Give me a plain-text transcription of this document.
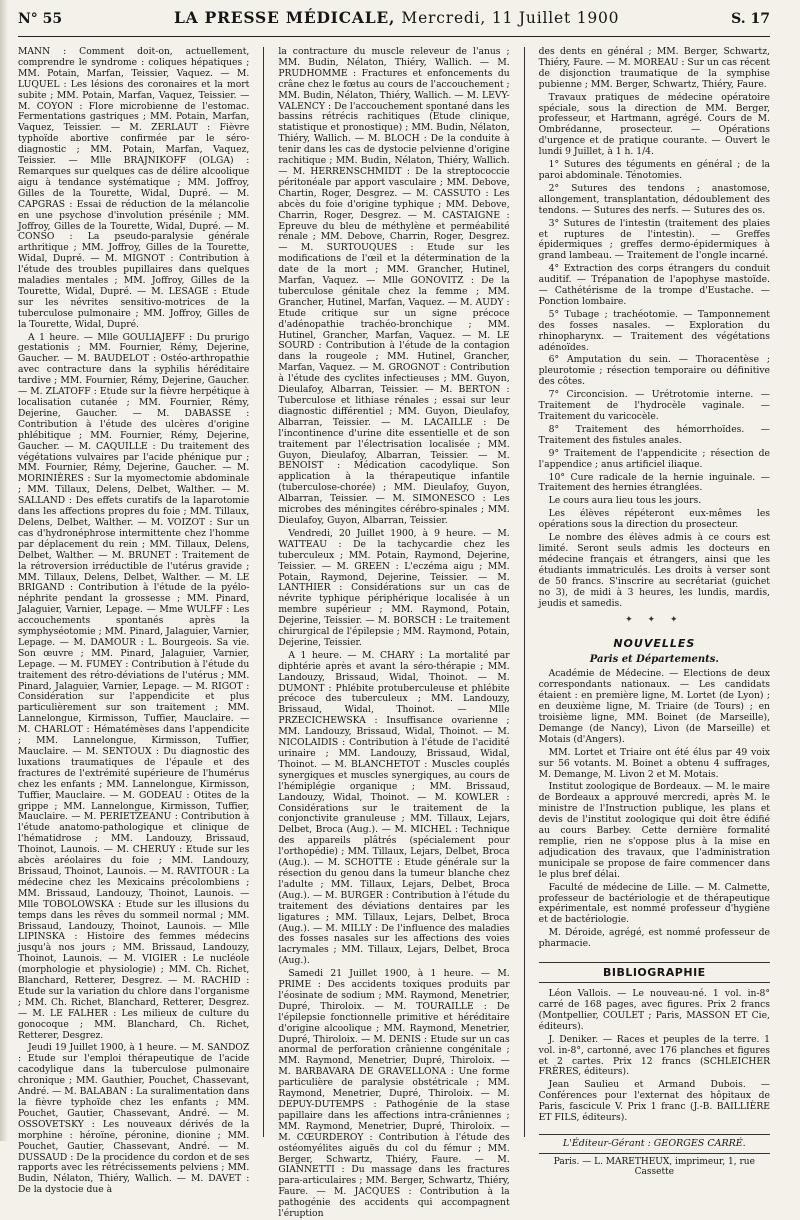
N° 55	LA PRESSE MÉDICALE, Mercredi, 11 Juillet 1900	S. 17

MANN : Comment doit-on, actuellement, comprendre le syndrome : coliques hépatiques ; MM. Potain, Marfan, Teissier, Vaquez. — M. LUQUEL : Les lésions des coronaires et la mort subite ; MM. Potain, Marfan, Vaquez, Teissier. — M. COYON : Flore microbienne de l'estomac. Fermentations gastriques ; MM. Potain, Marfan, Vaquez, Teissier. — M. ZERLAUT : Fièvre typhoïde abortive confirmée par le séro-diagnostic ; MM. Potain, Marfan, Vaquez, Teissier. — Mlle BRAJNIKOFF (OLGA) : Remarques sur quelques cas de délire alcoolique aigu à tendance systématique ; MM. Joffroy, Gilles de la Tourette, Widal, Dupré. — M. CAPGRAS : Essai de réduction de la mélancolie en une psychose d'involution présénile ; MM. Joffroy, Gilles de la Tourette, Widal, Dupré. — M. CONSO : La pseudo-paralysie générale arthritique ; MM. Joffroy, Gilles de la Tourette, Widal, Dupré. — M. MIGNOT : Contribution à l'étude des troubles pupillaires dans quelques maladies mentales ; MM. Joffroy, Gilles de la Tourette, Widal, Dupré. — M. LESAGE : Etude sur les névrites sensitivo-motrices de la tuberculose pulmonaire ; MM. Joffroy, Gilles de la Tourette, Widal, Dupré.

A 1 heure. — Mlle GOULIAJEFF : Du prurigo gestationis ; MM. Fournier, Rémy, Dejerine, Gaucher. — M. BAUDELOT : Ostéo-arthropathie avec contracture dans la syphilis héréditaire tardive ; MM. Fournier, Rémy, Dejerine, Gaucher. — M. ZLATOFF : Etude sur la fièvre herpétique à localisation cutanée ; MM. Fournier, Rémy, Dejerine, Gaucher. — M. DABASSE : Contribution à l'étude des ulcères d'origine phlébitique ; MM. Fournier, Rémy, Dejerine, Gaucher. — M. CAQUILLE : Du traitement des végétations vulvaires par l'acide phénique pur ; MM. Fournier, Rémy, Dejerine, Gaucher. — M. MORINIÈRES : Sur la myomectomie abdominale ; MM. Tillaux, Delens, Delbet, Walther. — M. SALLAND : Des effets curatifs de la laparotomie dans les affections propres du foie ; MM. Tillaux, Delens, Delbet, Walther. — M. VOIZOT : Sur un cas d'hydronéphrose intermittente chez l'homme par déplacement du rein ; MM. Tillaux, Delens, Delbet, Walther. — M. BRUNET : Traitement de la rétroversion irréductible de l'utérus gravide ; MM. Tillaux, Delens, Delbet, Walther. — M. LE BRIGAND : Contribution à l'étude de la pyélo-néphrite pendant la grossesse ; MM. Pinard, Jalaguier, Varnier, Lepage. — Mme WULFF : Les accouchements spontanés après la symphyséotomie ; MM. Pinard, Jalaguier, Varnier, Lepage. — M. DAMOUR : L. Bourgeois. Sa vie. Son œuvre ; MM. Pinard, Jalaguier, Varnier, Lepage. — M. FUMEY : Contribution à l'étude du traitement des rétro-déviations de l'utérus ; MM. Pinard, Jalaguier, Varnier, Lepage. — M. RIGOT : Considération sur l'appendicite et plus particulièrement sur son traitement ; MM. Lannelongue, Kirmisson, Tuffier, Mauclaire. — M. CHARLOT : Hématémèses dans l'appendicite ; MM. Lannelongue, Kirmisson, Tuffier, Mauclaire. — M. SENTOUX : Du diagnostic des luxations traumatiques de l'épaule et des fractures de l'extrémité supérieure de l'humérus chez les enfants ; MM. Lannelongue, Kirmisson, Tuffier, Mauclaire. — M. GODEAU : Otites de la grippe ; MM. Lannelongue, Kirmisson, Tuffier, Mauclaire. — M. PERIETZEANU : Contribution à l'étude anatomo-pathologique et clinique de l'hématidrose ; MM. Landouzy, Brissaud, Thoinot, Launois. — M. CHERUY : Etude sur les abcès aréolaires du foie ; MM. Landouzy, Brissaud, Thoinot, Launois. — M. RAVITOUR : La médecine chez les Mexicains précolombiens ; MM. Brissaud, Landouzy, Thoinot, Launois. — Mlle TOBOLOWSKA : Etude sur les illusions du temps dans les rêves du sommeil normal ; MM. Brissaud, Landouzy, Thoinot, Launois. — Mlle LIPINSKA : Histoire des femmes médecins jusqu'à nos jours ; MM. Brissaud, Landouzy, Thoinot, Launois. — M. VIGIER : Le nucléole (morphologie et physiologie) ; MM. Ch. Richet, Blanchard, Retterer, Desgrez. — M. RACHID : Etude sur la variation du chlore dans l'organisme ; MM. Ch. Richet, Blanchard, Retterer, Desgrez. — M. LE FALHER : Les milieux de culture du gonocoque ; MM. Blanchard, Ch. Richet, Retterer, Desgrez.

Jeudi 19 Juillet 1900, à 1 heure. — M. SANDOZ : Etude sur l'emploi thérapeutique de l'acide cacodylique dans la tuberculose pulmonaire chronique ; MM. Gauthier, Pouchet, Chassevant, André. — M. BALABAN : La suralimentation dans la fièvre typhoïde chez les enfants ; MM. Pouchet, Gautier, Chassevant, André. — M. OSSOVETSKY : Les nouveaux dérivés de la morphine : héroïne, péronine, dionine ; MM. Pouchet, Gautier, Chassevant, André. — M. DUSSAUD : De la procidence du cordon et de ses rapports avec les rétrécissements pelviens ; MM. Budin, Nélaton, Thiéry, Wallich. — M. DAVET : De la dystocie due à

la contracture du muscle releveur de l'anus ; MM. Budin, Nélaton, Thiéry, Wallich. — M. PRUDHOMME : Fractures et enfoncements du crâne chez le fœtus au cours de l'accouchement ; MM. Budin, Nélaton, Thiéry, Wallich. — M. LEVY-VALENCY : De l'accouchement spontané dans les bassins rétrécis rachitiques (Etude clinique, statistique et pronostique) ; MM. Budin, Nélaton, Thiéry, Wallich. — M. BLOCH : De la conduite à tenir dans les cas de dystocie pelvienne d'origine rachitique ; MM. Budin, Nélaton, Thiéry, Wallich. — M. HERRENSCHMIDT : De la streptococcie péritonéale par apport vasculaire ; MM. Debove, Chartin, Roger, Desgrez. — M. CASSUTO : Les abcès du foie d'origine typhique ; MM. Debove, Charrin, Roger, Desgrez. — M. CASTAIGNE : Epreuve du bleu de méthylène et perméabilité rénale ; MM. Debove, Charrin, Roger, Desgrez. — M. SURTOUQUES : Etude sur les modifications de l'œil et la détermination de la date de la mort ; MM. Grancher, Hutinel, Marfan, Vaquez. — Mlle GONOVITZ : De la tuberculose génitale chez la femme ; MM. Grancher, Hutinel, Marfan, Vaquez. — M. AUDY : Etude critique sur un signe précoce d'adénopathie trachéo-bronchique ; MM. Hutinel, Grancher, Marfan, Vaquez. — M. LE SOURD : Contribution à l'étude de la contagion dans la rougeole ; MM. Hutinel, Grancher, Marfan, Vaquez. — M. GROGNOT : Contribution à l'étude des cyclites infectieuses ; MM. Guyon, Dieulafoy, Albarran, Teissier. — M. BERTON : Tuberculose et lithiase rénales ; essai sur leur diagnostic différentiel ; MM. Guyon, Dieulafoy, Albarran, Teissier. — M. LACAILLE : De l'incontinence d'urine dite essentielle et de son traitement par l'électrisation localisée ; MM. Guyon, Dieulafoy, Albarran, Teissier. — M. BENOIST : Médication cacodylique. Son application à la thérapeutique infantile (tuberculose-chorée) ; MM. Dieulafoy, Guyon, Albarran, Teissier. — M. SIMONESCO : Les microbes des méningites cérébro-spinales ; MM. Dieulafoy, Guyon, Albarran, Teissier.

Vendredi, 20 Juillet 1900, à 9 heure. — M. WATTEAU : De la tachycardie chez les tuberculeux ; MM. Potain, Raymond, Dejerine, Teissier. — M. GREEN : L'eczéma aigu ; MM. Potain, Raymond, Dejerine, Teissier. — M. LANTHIER : Considérations sur un cas de névrite typhique périphérique localisée à un membre supérieur ; MM. Raymond, Potain, Dejerine, Teissier. — M. BORSCH : Le traitement chirurgical de l'épilepsie ; MM. Raymond, Potain, Dejerine, Teissier.

A 1 heure. — M. CHARY : La mortalité par diphtérie après et avant la séro-thérapie ; MM. Landouzy, Brissaud, Widal, Thoinot. — M. DUMONT : Phlébite protuberculeuse et phlébite précoce des tuberculeux ; MM. Landouzy, Brissaud, Widal, Thoinot. — Mlle PRZECICHEWSKA : Insuffisance ovarienne ; MM. Landouzy, Brissaud, Widal, Thoinot. — M. NICOLAIDIS : Contribution à l'étude de l'acidité urinaire ; MM. Landouzy, Brissaud, Widal, Thoinot. — M. BLANCHETOT : Muscles couplés synergiques et muscles synergiques, au cours de l'hémiplégie organique ; MM. Brissaud, Landouzy, Widal, Thoinot. — M. KOWLER : Considérations sur le traitement de la conjonctivite granuleuse ; MM. Tillaux, Lejars, Delbet, Broca (Aug.). — M. MICHEL : Technique des appareils plâtrés (spécialement pour l'orthopédie) ; MM. Tillaux, Lejars, Delbet, Broca (Aug.). — M. SCHOTTE : Etude générale sur la résection du genou dans la tumeur blanche chez l'adulte ; MM. Tillaux, Lejars, Delbet, Broca (Aug.). — M. BURGER : Contribution à l'étude du traitement des déviations dentaires par les ligatures ; MM. Tillaux, Lejars, Delbet, Broca (Aug.). — M. MILLY : De l'influence des maladies des fosses nasales sur les affections des voies lacrymales ; MM. Tillaux, Lejars, Delbet, Broca (Aug.).

Samedi 21 Juillet 1900, à 1 heure. — M. PRIME : Des accidents toxiques produits par l'éosinate de sodium ; MM. Raymond, Menetrier, Dupré, Thiroloix. — M. TOURAILLE : De l'épilepsie fonctionnelle primitive et héréditaire d'origine alcoolique ; MM. Raymond, Menetrier, Dupré, Thiroloix. — M. DENIS : Etude sur un cas anormal de perforation crânienne congénitale ; MM. Raymond, Menetrier, Dupré, Thiroloix. — M. BARBAVARA DE GRAVELLONA : Une forme particulière de paralysie obstétricale ; MM. Raymond, Menetrier, Dupré, Thiroloix. — M. DEPUY-DUTEMPS : Pathogénie de la stase papillaire dans les affections intra-crâniennes ; MM. Raymond, Menetrier, Dupré, Thiroloix. — M. CŒURDEROY : Contribution à l'étude des ostéomyélites aiguës du col du fémur ; MM. Berger, Schwartz, Thiéry, Faure. — M. GIANNETTI : Du massage dans les fractures para-articulaires ; MM. Berger, Schwartz, Thiéry, Faure. — M. JACQUES : Contribution à la pathogénie des accidents qui accompagnent l'éruption

des dents en général ; MM. Berger, Schwartz, Thiéry, Faure. — M. MOREAU : Sur un cas récent de disjonction traumatique de la symphise pubienne ; MM. Berger, Schwartz, Thiéry, Faure.

Travaux pratiques de médecine opératoire spéciale, sous la direction de MM. Berger, professeur, et Hartmann, agrégé. Cours de M. Ombrédanne, prosecteur. — Opérations d'urgence et de pratique courante. — Ouvert le lundi 9 Juillet, à 1 h. 1/4.

1° Sutures des téguments en général ; de la paroi abdominale. Ténotomies.

2° Sutures des tendons ; anastomose, allongement, transplantation, dédoublement des tendons. — Sutures des nerfs. — Sutures des os.

3° Sutures de l'intestin (traitement des plaies et ruptures de l'intestin). — Greffes épidermiques ; greffes dermo-épidermiques à grand lambeau. — Traitement de l'ongle incarné.

4° Extraction des corps étrangers du conduit auditif. — Trépanation de l'apophyse mastoïde. — Cathétérisme de la trompe d'Eustache. — Ponction lombaire.

5° Tubage ; trachéotomie. — Tamponnement des fosses nasales. — Exploration du rhinopharynx. — Traitement des végétations adénoïdes.

6° Amputation du sein. — Thoracentèse ; pleurotomie ; résection temporaire ou définitive des côtes.

7° Circoncision. — Urétrotomie interne. — Traitement de l'hydrocèle vaginale. — Traitement du varicocèle.

8° Traitement des hémorrhoïdes. — Traitement des fistules anales.

9° Traitement de l'appendicite ; résection de l'appendice ; anus artificiel iliaque.

10° Cure radicale de la hernie inguinale. — Traitement des hernies étranglées.

Le cours aura lieu tous les jours.

Les élèves répéteront eux-mêmes les opérations sous la direction du prosecteur.

Le nombre des élèves admis à ce cours est limité. Seront seuls admis les docteurs en médecine français et étrangers, ainsi que les étudiants immatriculés. Les droits à verser sont de 50 francs. S'inscrire au secrétariat (guichet no 3), de midi à 3 heures, les lundis, mardis, jeudis et samedis.

✦ ✦ ✦
NOUVELLES
Paris et Départements.

Académie de Médecine. — Elections de deux correspondants nationaux. — Les candidats étaient : en première ligne, M. Lortet (de Lyon) ; en deuxième ligne, M. Triaire (de Tours) ; en troisième ligne, MM. Boinet (de Marseille), Demange (de Nancy), Livon (de Marseille) et Motais (d'Angers).

MM. Lortet et Triaire ont été élus par 49 voix sur 56 votants. M. Boinet a obtenu 4 suffrages, M. Demange, M. Livon 2 et M. Motais.

Institut zoologique de Bordeaux. — M. le maire de Bordeaux a approuvé mercredi, après M. le ministre de l'Instruction publique, les plans et devis de l'institut zoologique qui doit être édifié au cours Barbey. Cette dernière formalité remplie, rien ne s'oppose plus à la mise en adjudication des travaux, que l'administration municipale se propose de faire commencer dans le plus bref délai.

Faculté de médecine de Lille. — M. Calmette, professeur de bactériologie et de thérapeutique expérimentale, est nommé professeur d'hygiène et de bactériologie.

M. Déroide, agrégé, est nommé professeur de pharmacie.

BIBLIOGRAPHIE

Léon Vallois. — Le nouveau-né. 1 vol. in-8° carré de 168 pages, avec figures. Prix 2 francs (Montpellier, COULET ; Paris, MASSON ET Cie, éditeurs).

J. Deniker. — Races et peuples de la terre. 1 vol. in-8°, cartonné, avec 176 planches et figures et 2 cartes. Prix 12 francs (SCHLEICHER FRÈRES, éditeurs).

Jean Saulieu et Armand Dubois. — Conférences pour l'externat des hôpitaux de Paris, fascicule V. Prix 1 franc (J.-B. BAILLIÈRE ET FILS, éditeurs).

L'Éditeur-Gérant : GEORGES CARRÉ.
Paris. — L. MARETHEUX, imprimeur, 1, rue Cassette
